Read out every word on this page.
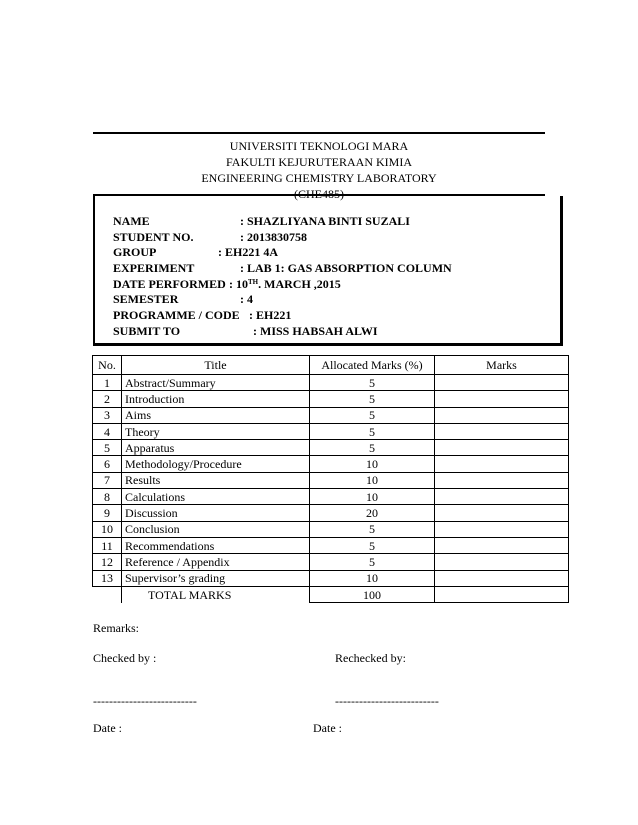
UNIVERSITI TEKNOLOGI MARA
FAKULTI KEJURUTERAAN KIMIA
ENGINEERING CHEMISTRY LABORATORY
(CHE485)
NAME	: SHAZLIYANA BINTI SUZALI
STUDENT NO.	: 2013830758
GROUP	: EH221 4A
EXPERIMENT	: LAB 1: GAS ABSORPTION COLUMN
DATE PERFORMED : 10TH. MARCH ,2015
SEMESTER	: 4
PROGRAMME / CODE : EH221
SUBMIT TO	: MISS HABSAH ALWI
No.	Title	Allocated Marks (%)	Marks
1	Abstract/Summary	5	
2	Introduction	5	
3	Aims	5	
4	Theory	5	
5	Apparatus	5	
6	Methodology/Procedure	10	
7	Results	10	
8	Calculations	10	
9	Discussion	20	
10	Conclusion	5	
11	Recommendations	5	
12	Reference / Appendix	5	
13	Supervisor’s grading	10	
	TOTAL MARKS	100	
Remarks:
Checked by :	Rechecked by:
--------------------------	--------------------------
Date :	Date :
